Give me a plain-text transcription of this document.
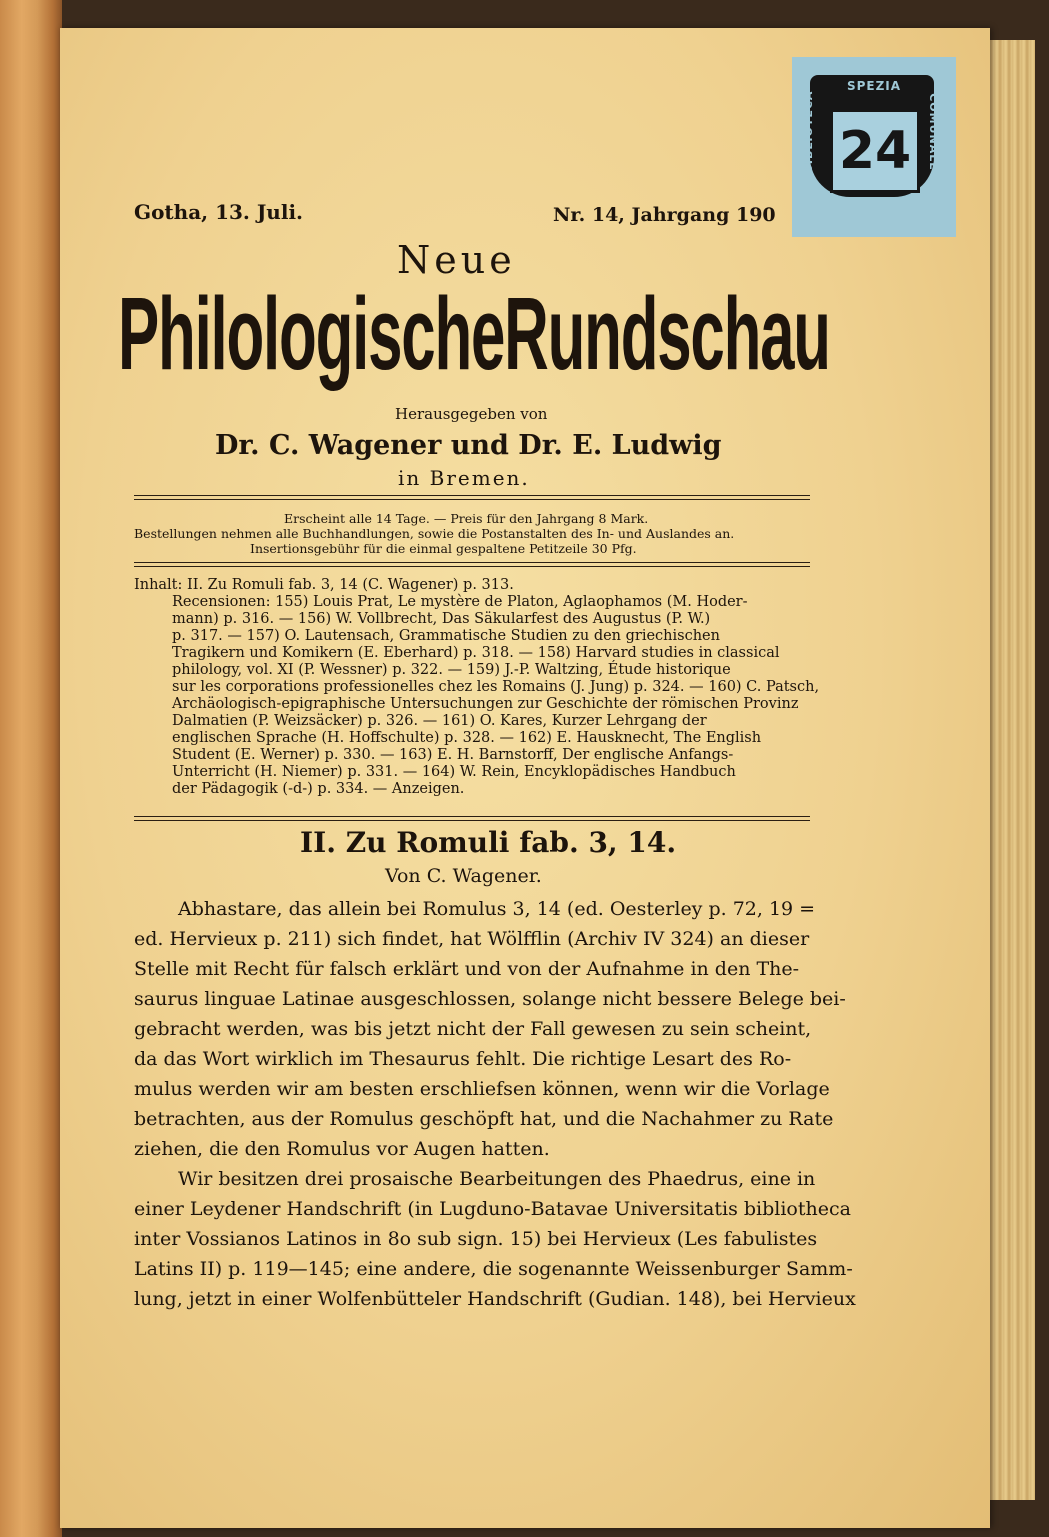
SPEZIA
BIBLIOTECA	COMUNALE
24
Gotha, 13. Juli.	Nr. 14, Jahrgang 190
Neue
PhilologischeRundschau
Herausgegeben von
Dr. C. Wagener und Dr. E. Ludwig
in Bremen.
Erscheint alle 14 Tage. — Preis für den Jahrgang 8 Mark.
Bestellungen nehmen alle Buchhandlungen, sowie die Postanstalten des In- und Auslandes an.
Insertionsgebühr für die einmal gespaltene Petitzeile 30 Pfg.
Inhalt: II. Zu Romuli fab. 3, 14 (C. Wagener) p. 313.
Recensionen: 155) Louis Prat, Le mystère de Platon, Aglaophamos (M. Hoder-
mann) p. 316. — 156) W. Vollbrecht, Das Säkularfest des Augustus (P. W.)
p. 317. — 157) O. Lautensach, Grammatische Studien zu den griechischen
Tragikern und Komikern (E. Eberhard) p. 318. — 158) Harvard studies in classical
philology, vol. XI (P. Wessner) p. 322. — 159) J.-P. Waltzing, Étude historique
sur les corporations professionelles chez les Romains (J. Jung) p. 324. — 160) C. Patsch,
Archäologisch-epigraphische Untersuchungen zur Geschichte der römischen Provinz
Dalmatien (P. Weizsäcker) p. 326. — 161) O. Kares, Kurzer Lehrgang der
englischen Sprache (H. Hoffschulte) p. 328. — 162) E. Hausknecht, The English
Student (E. Werner) p. 330. — 163) E. H. Barnstorff, Der englische Anfangs-
Unterricht (H. Niemer) p. 331. — 164) W. Rein, Encyklopädisches Handbuch
der Pädagogik (-d-) p. 334. — Anzeigen.
II. Zu Romuli fab. 3, 14.
Von C. Wagener.
Abhastare, das allein bei Romulus 3, 14 (ed. Oesterley p. 72, 19 =
ed. Hervieux p. 211) sich findet, hat Wölfflin (Archiv IV 324) an dieser
Stelle mit Recht für falsch erklärt und von der Aufnahme in den The-
saurus linguae Latinae ausgeschlossen, solange nicht bessere Belege bei-
gebracht werden, was bis jetzt nicht der Fall gewesen zu sein scheint,
da das Wort wirklich im Thesaurus fehlt. Die richtige Lesart des Ro-
mulus werden wir am besten erschliefsen können, wenn wir die Vorlage
betrachten, aus der Romulus geschöpft hat, und die Nachahmer zu Rate
ziehen, die den Romulus vor Augen hatten.
Wir besitzen drei prosaische Bearbeitungen des Phaedrus, eine in
einer Leydener Handschrift (in Lugduno-Batavae Universitatis bibliotheca
inter Vossianos Latinos in 8o sub sign. 15) bei Hervieux (Les fabulistes
Latins II) p. 119—145; eine andere, die sogenannte Weissenburger Samm-
lung, jetzt in einer Wolfenbütteler Handschrift (Gudian. 148), bei Hervieux
